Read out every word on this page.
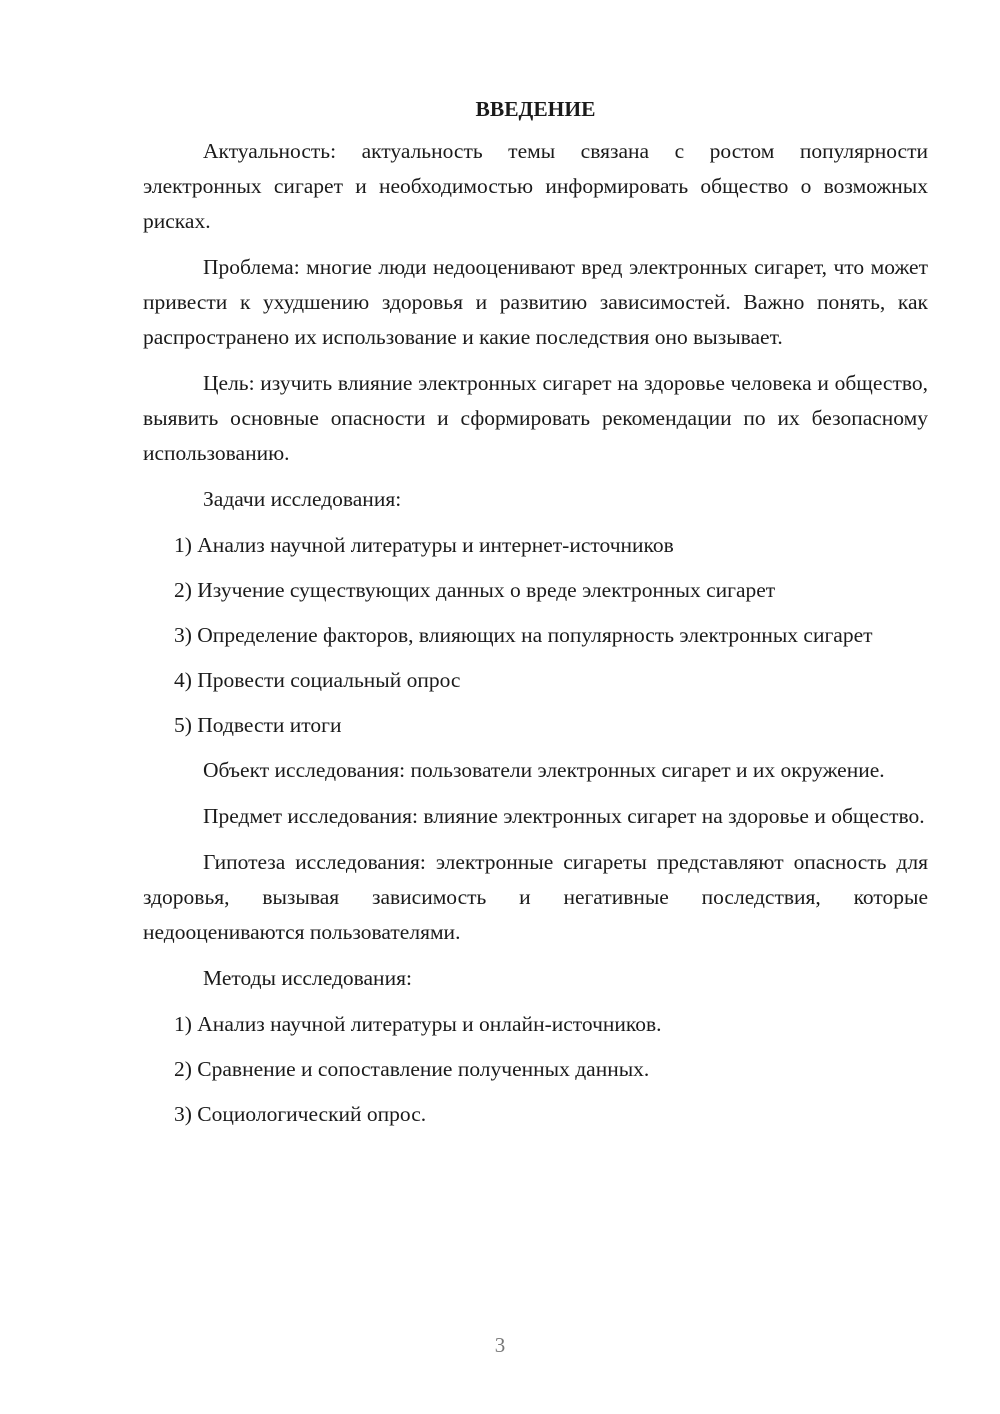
ВВЕДЕНИЕ

Актуальность: актуальность темы связана с ростом популярности электронных сигарет и необходимостью информировать общество о возможных рисках.

Проблема: многие люди недооценивают вред электронных сигарет, что может привести к ухудшению здоровья и развитию зависимостей. Важно понять, как распространено их использование и какие последствия оно вызывает.

Цель: изучить влияние электронных сигарет на здоровье человека и общество, выявить основные опасности и сформировать рекомендации по их безопасному использованию.

Задачи исследования:

1) Анализ научной литературы и интернет-источников

2) Изучение существующих данных о вреде электронных сигарет

3) Определение факторов, влияющих на популярность электронных сигарет

4) Провести социальный опрос

5) Подвести итоги

Объект исследования: пользователи электронных сигарет и их окружение.

Предмет исследования: влияние электронных сигарет на здоровье и общество.

Гипотеза исследования: электронные сигареты представляют опасность для здоровья, вызывая зависимость и негативные последствия, которые недооцениваются пользователями.

Методы исследования:

1) Анализ научной литературы и онлайн-источников.

2) Сравнение и сопоставление полученных данных.

3) Социологический опрос.

3
